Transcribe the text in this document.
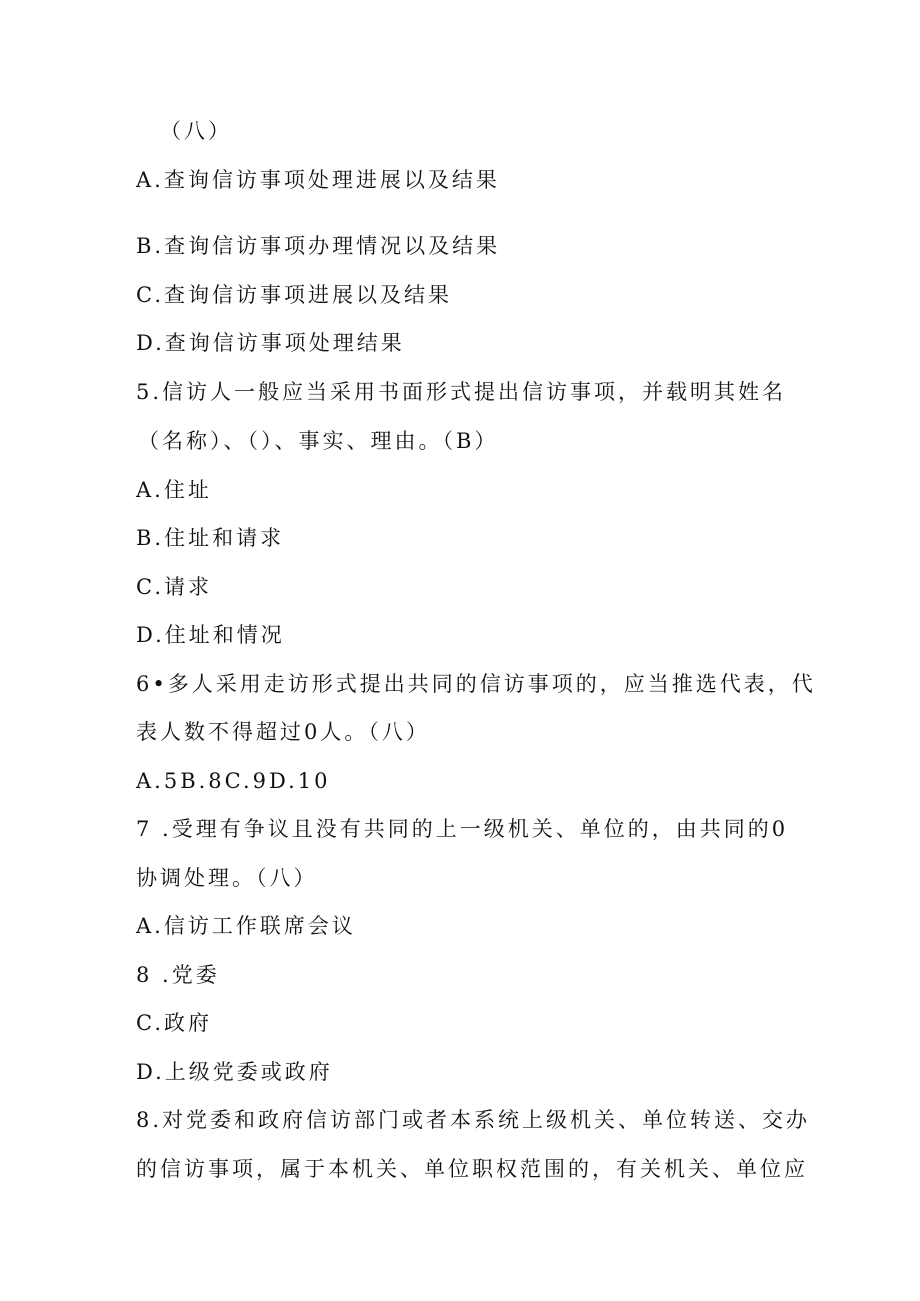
（八）
A.查询信访事项处理进展以及结果
B.查询信访事项办理情况以及结果
C.查询信访事项进展以及结果
D.查询信访事项处理结果
5.信访人一般应当采用书面形式提出信访事项，并载明其姓名
（名称）、（）、事实、理由。（B）
A.住址
B.住址和请求
C.请求
D.住址和情况
6•多人采用走访形式提出共同的信访事项的，应当推选代表，代
表人数不得超过0人。（八）
A.5B.8C.9D.10
7 .受理有争议且没有共同的上一级机关、单位的，由共同的0
协调处理。（八）
A.信访工作联席会议
8 .党委
C.政府
D.上级党委或政府
8.对党委和政府信访部门或者本系统上级机关、单位转送、交办
的信访事项，属于本机关、单位职权范围的，有关机关、单位应
